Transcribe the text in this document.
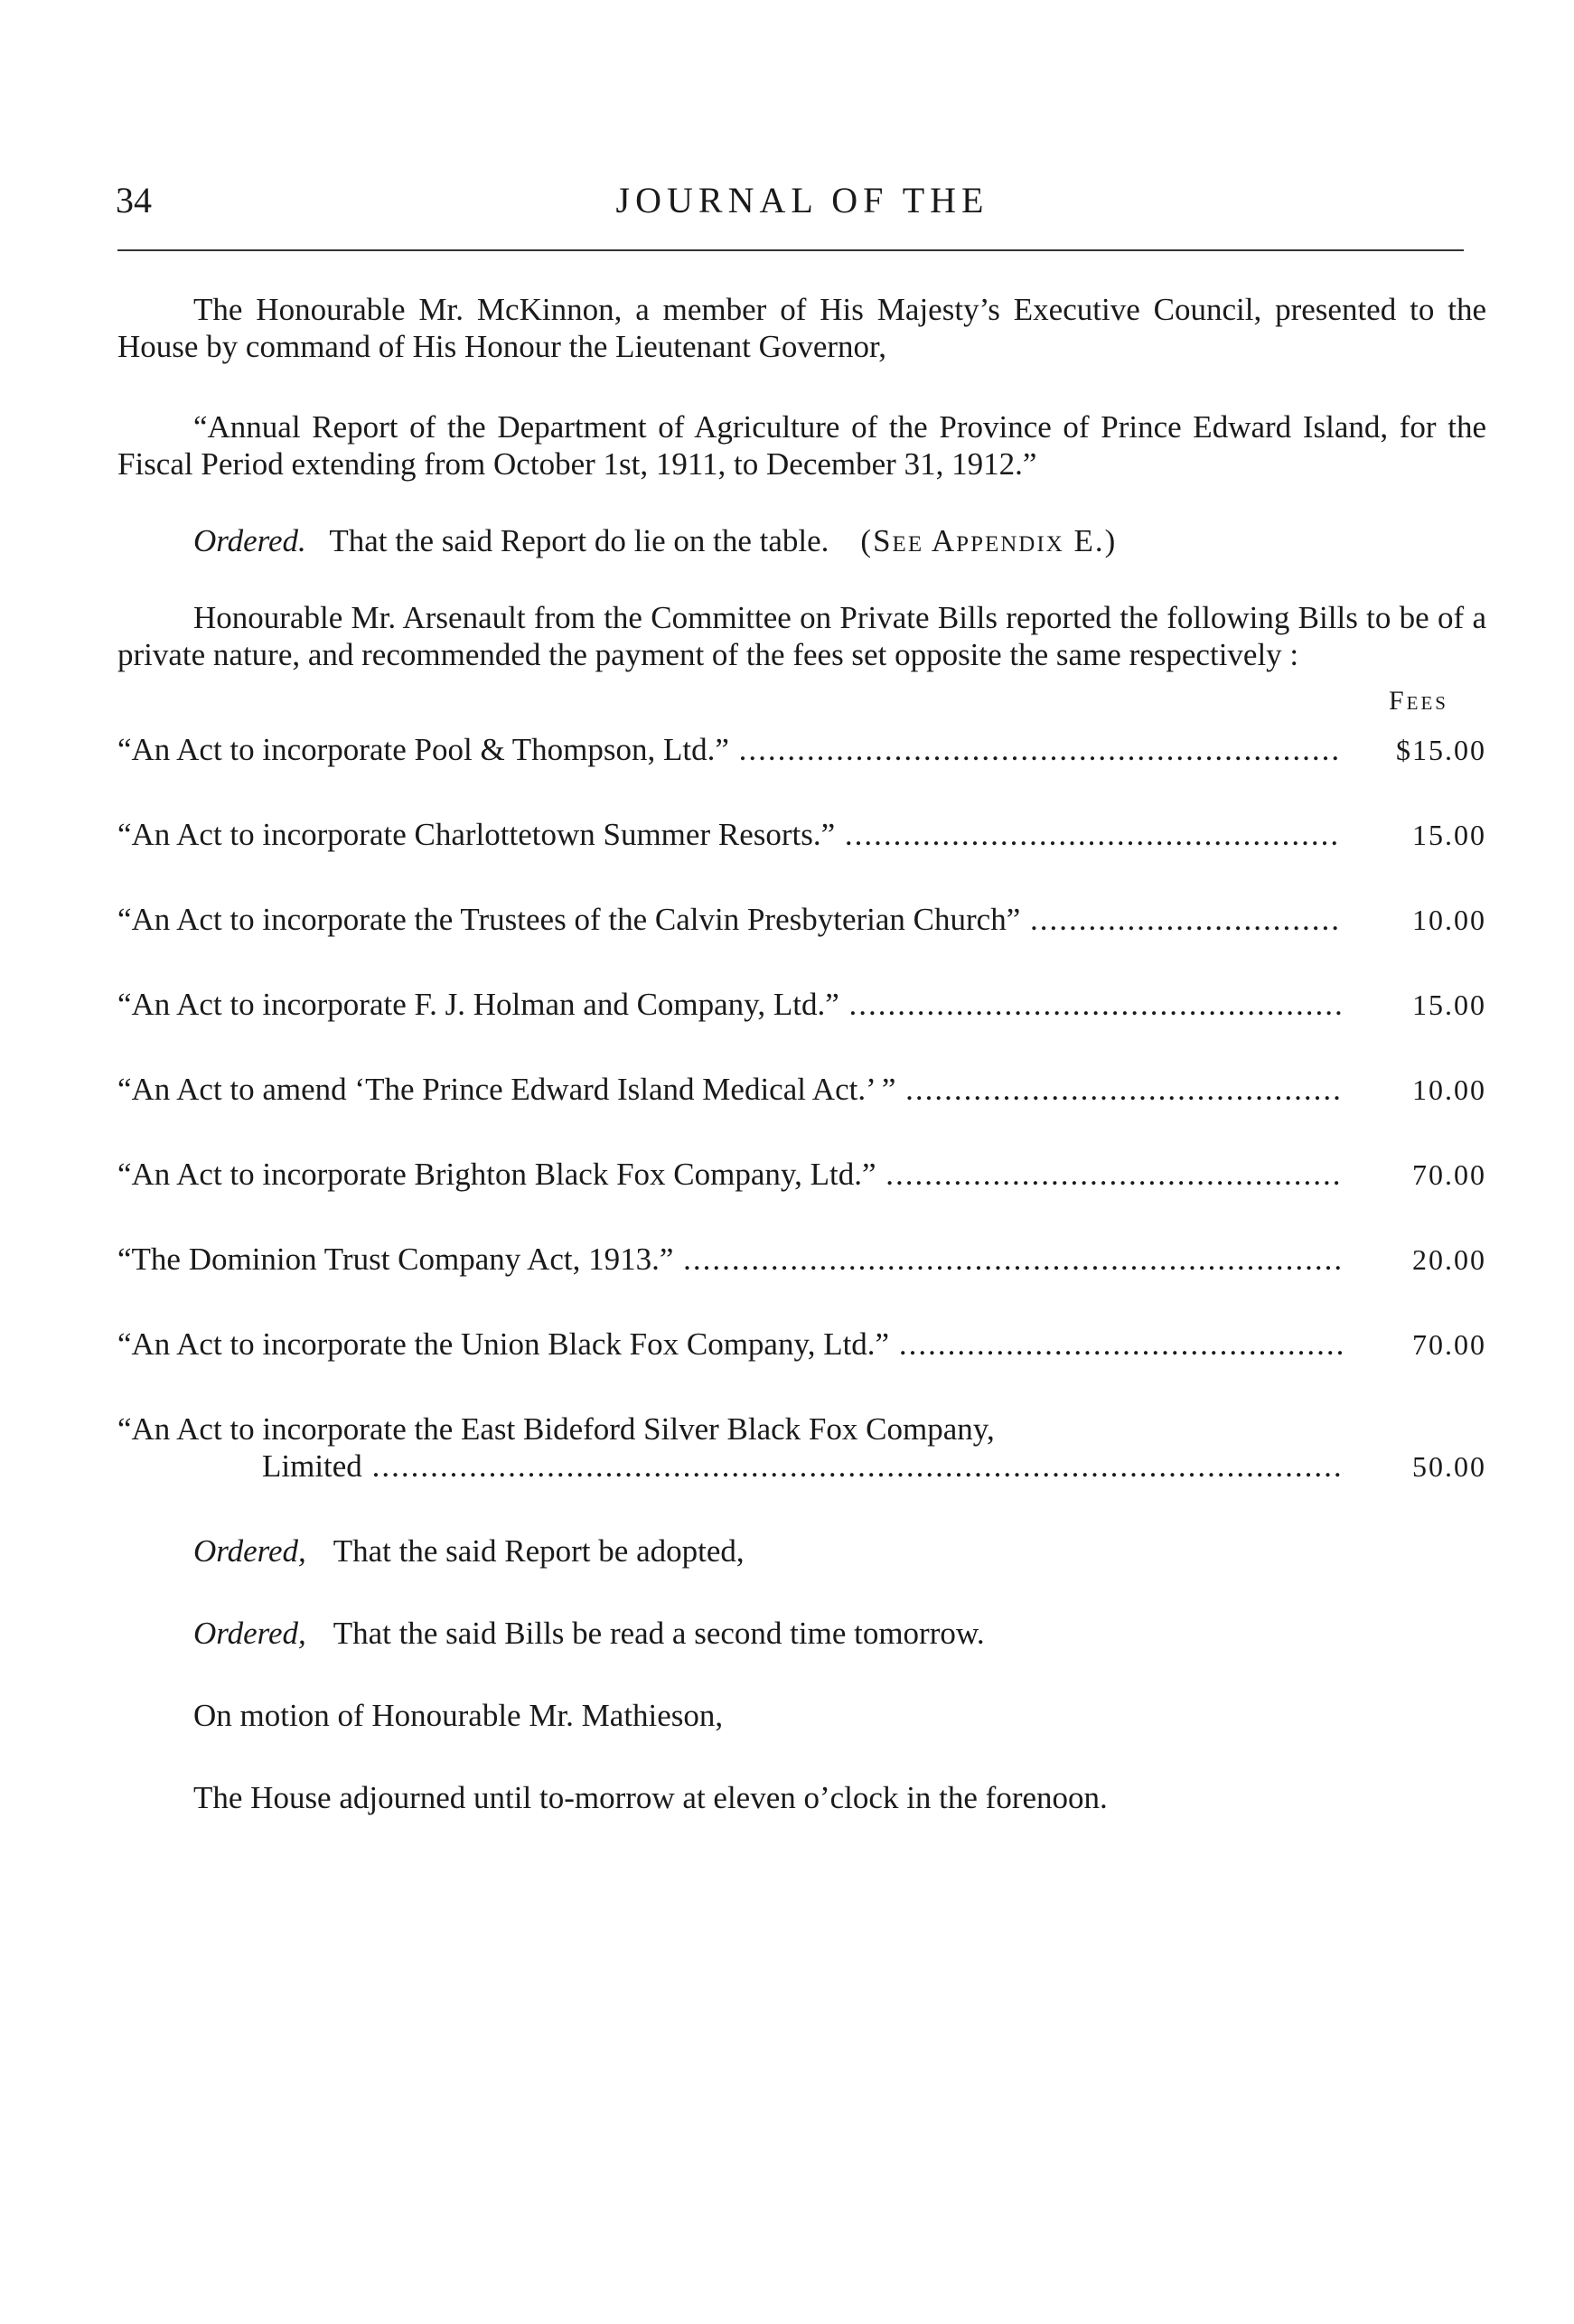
34	JOURNAL OF THE

The Honourable Mr. McKinnon, a member of His Majesty’s Executive Council, presented to the House by command of His Honour the Lieutenant Governor,

“Annual Report of the Department of Agriculture of the Province of Prince Edward Island, for the Fiscal Period extending from October 1st, 1911, to December 31, 1912.”

Ordered. That the said Report do lie on the table. (See Appendix E.)

Honourable Mr. Arsenault from the Committee on Private Bills reported the following Bills to be of a private nature, and recommended the payment of the fees set opposite the same respectively :

Fees
“An Act to incorporate Pool & Thompson, Ltd.” .....	$15.00
“An Act to incorporate Charlottetown Summer Resorts.” .....	15.00
“An Act to incorporate the Trustees of the Calvin Presbyterian Church” .....	10.00
“An Act to incorporate F. J. Holman and Company, Ltd.” .....	15.00
“An Act to amend ‘The Prince Edward Island Medical Act.’ ” .....	10.00
“An Act to incorporate Brighton Black Fox Company, Ltd.” .....	70.00
“The Dominion Trust Company Act, 1913.” .....	20.00
“An Act to incorporate the Union Black Fox Company, Ltd.” .....	70.00
“An Act to incorporate the East Bideford Silver Black Fox Company,
Limited .....	50.00
Ordered, That the said Report be adopted,
Ordered, That the said Bills be read a second time tomorrow.
On motion of Honourable Mr. Mathieson,
The House adjourned until to-morrow at eleven o’clock in the forenoon.
